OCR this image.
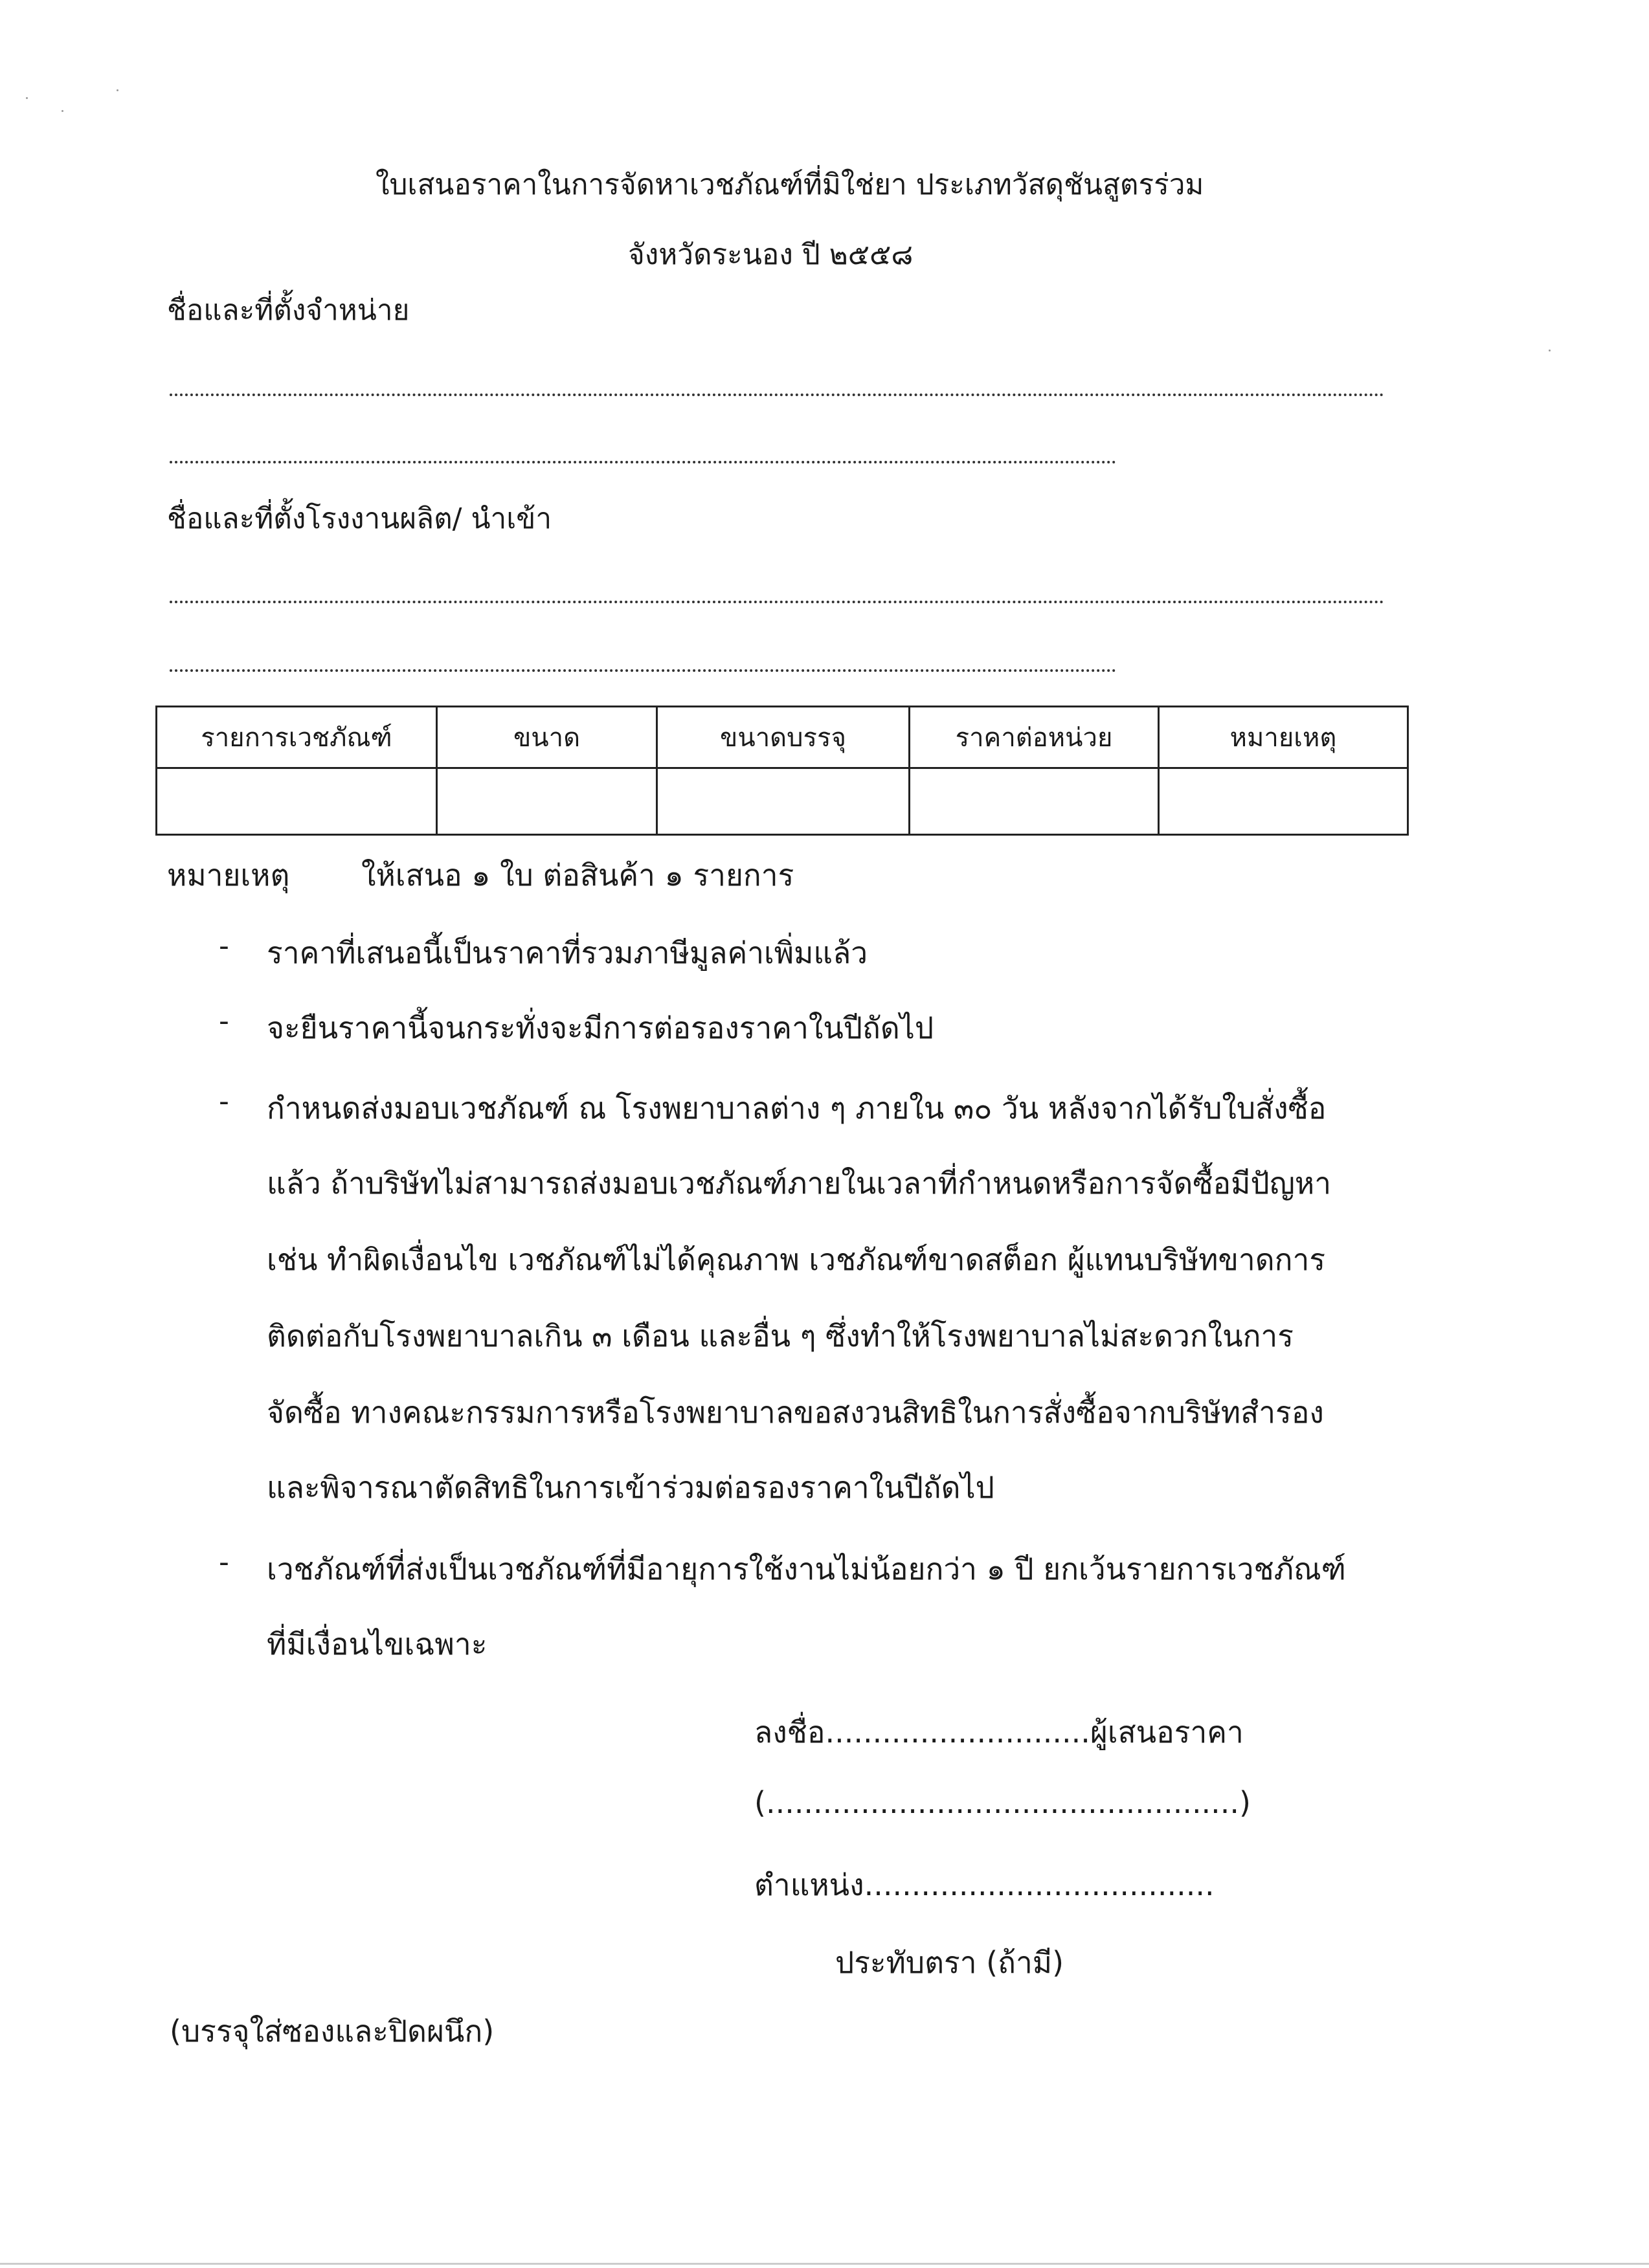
ใบเสนอราคาในการจัดหาเวชภัณฑ์ที่มิใช่ยา ประเภทวัสดุชันสูตรร่วม
จังหวัดระนอง ปี ๒๕๕๘
ชื่อและที่ตั้งจำหน่าย
ชื่อและที่ตั้งโรงงานผลิต/ นำเข้า
รายการเวชภัณฑ์	ขนาด	ขนาดบรรจุ	ราคาต่อหน่วย	หมายเหตุ

หมายเหตุ ให้เสนอ ๑ ใบ ต่อสินค้า ๑ รายการ
- ราคาที่เสนอนี้เป็นราคาที่รวมภาษีมูลค่าเพิ่มแล้ว
- จะยืนราคานี้จนกระทั่งจะมีการต่อรองราคาในปีถัดไป
- กำหนดส่งมอบเวชภัณฑ์ ณ โรงพยาบาลต่าง ๆ ภายใน ๓๐ วัน หลังจากได้รับใบสั่งซื้อ
แล้ว ถ้าบริษัทไม่สามารถส่งมอบเวชภัณฑ์ภายในเวลาที่กำหนดหรือการจัดซื้อมีปัญหา
เช่น ทำผิดเงื่อนไข เวชภัณฑ์ไม่ได้คุณภาพ เวชภัณฑ์ขาดสต็อก ผู้แทนบริษัทขาดการ
ติดต่อกับโรงพยาบาลเกิน ๓ เดือน และอื่น ๆ ซึ่งทำให้โรงพยาบาลไม่สะดวกในการ
จัดซื้อ ทางคณะกรรมการหรือโรงพยาบาลขอสงวนสิทธิในการสั่งซื้อจากบริษัทสำรอง
และพิจารณาตัดสิทธิในการเข้าร่วมต่อรองราคาในปีถัดไป
- เวชภัณฑ์ที่ส่งเป็นเวชภัณฑ์ที่มีอายุการใช้งานไม่น้อยกว่า ๑ ปี ยกเว้นรายการเวชภัณฑ์
ที่มีเงื่อนไขเฉพาะ
ลงชื่อ............................ผู้เสนอราคา
(..................................................)
ตำแหน่ง.....................................
ประทับตรา (ถ้ามี)
(บรรจุใส่ซองและปิดผนึก)
